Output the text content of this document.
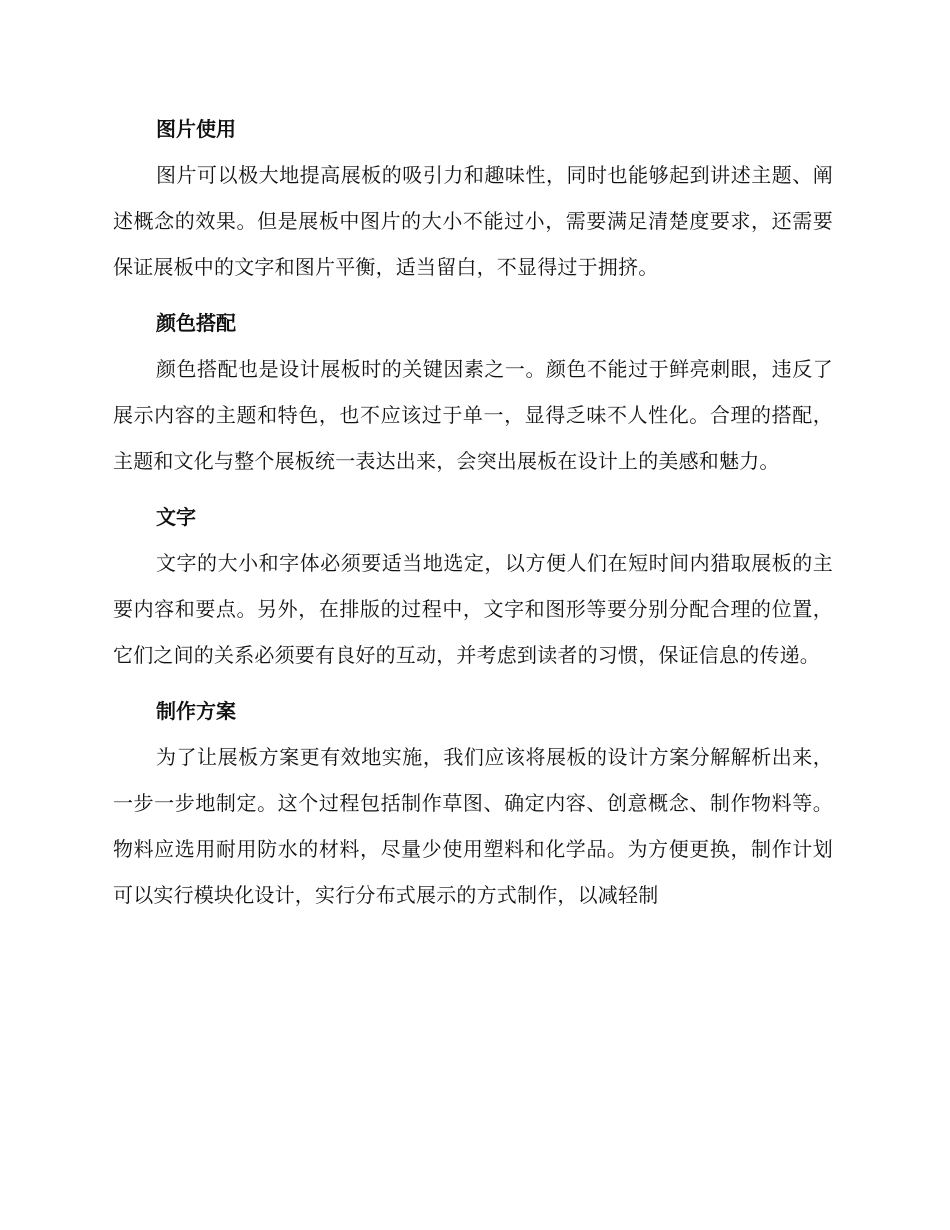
图片使用

图片可以极大地提高展板的吸引力和趣味性，同时也能够起到讲述主题、阐述概念的效果。但是展板中图片的大小不能过小，需要满足清楚度要求，还需要保证展板中的文字和图片平衡，适当留白，不显得过于拥挤。

颜色搭配

颜色搭配也是设计展板时的关键因素之一。颜色不能过于鲜亮刺眼，违反了展示内容的主题和特色，也不应该过于单一，显得乏味不人性化。合理的搭配，主题和文化与整个展板统一表达出来，会突出展板在设计上的美感和魅力。

文字

文字的大小和字体必须要适当地选定，以方便人们在短时间内猎取展板的主要内容和要点。另外，在排版的过程中，文字和图形等要分别分配合理的位置，它们之间的关系必须要有良好的互动，并考虑到读者的习惯，保证信息的传递。

制作方案

为了让展板方案更有效地实施，我们应该将展板的设计方案分解解析出来，一步一步地制定。这个过程包括制作草图、确定内容、创意概念、制作物料等。物料应选用耐用防水的材料，尽量少使用塑料和化学品。为方便更换，制作计划可以实行模块化设计，实行分布式展示的方式制作，以减轻制
